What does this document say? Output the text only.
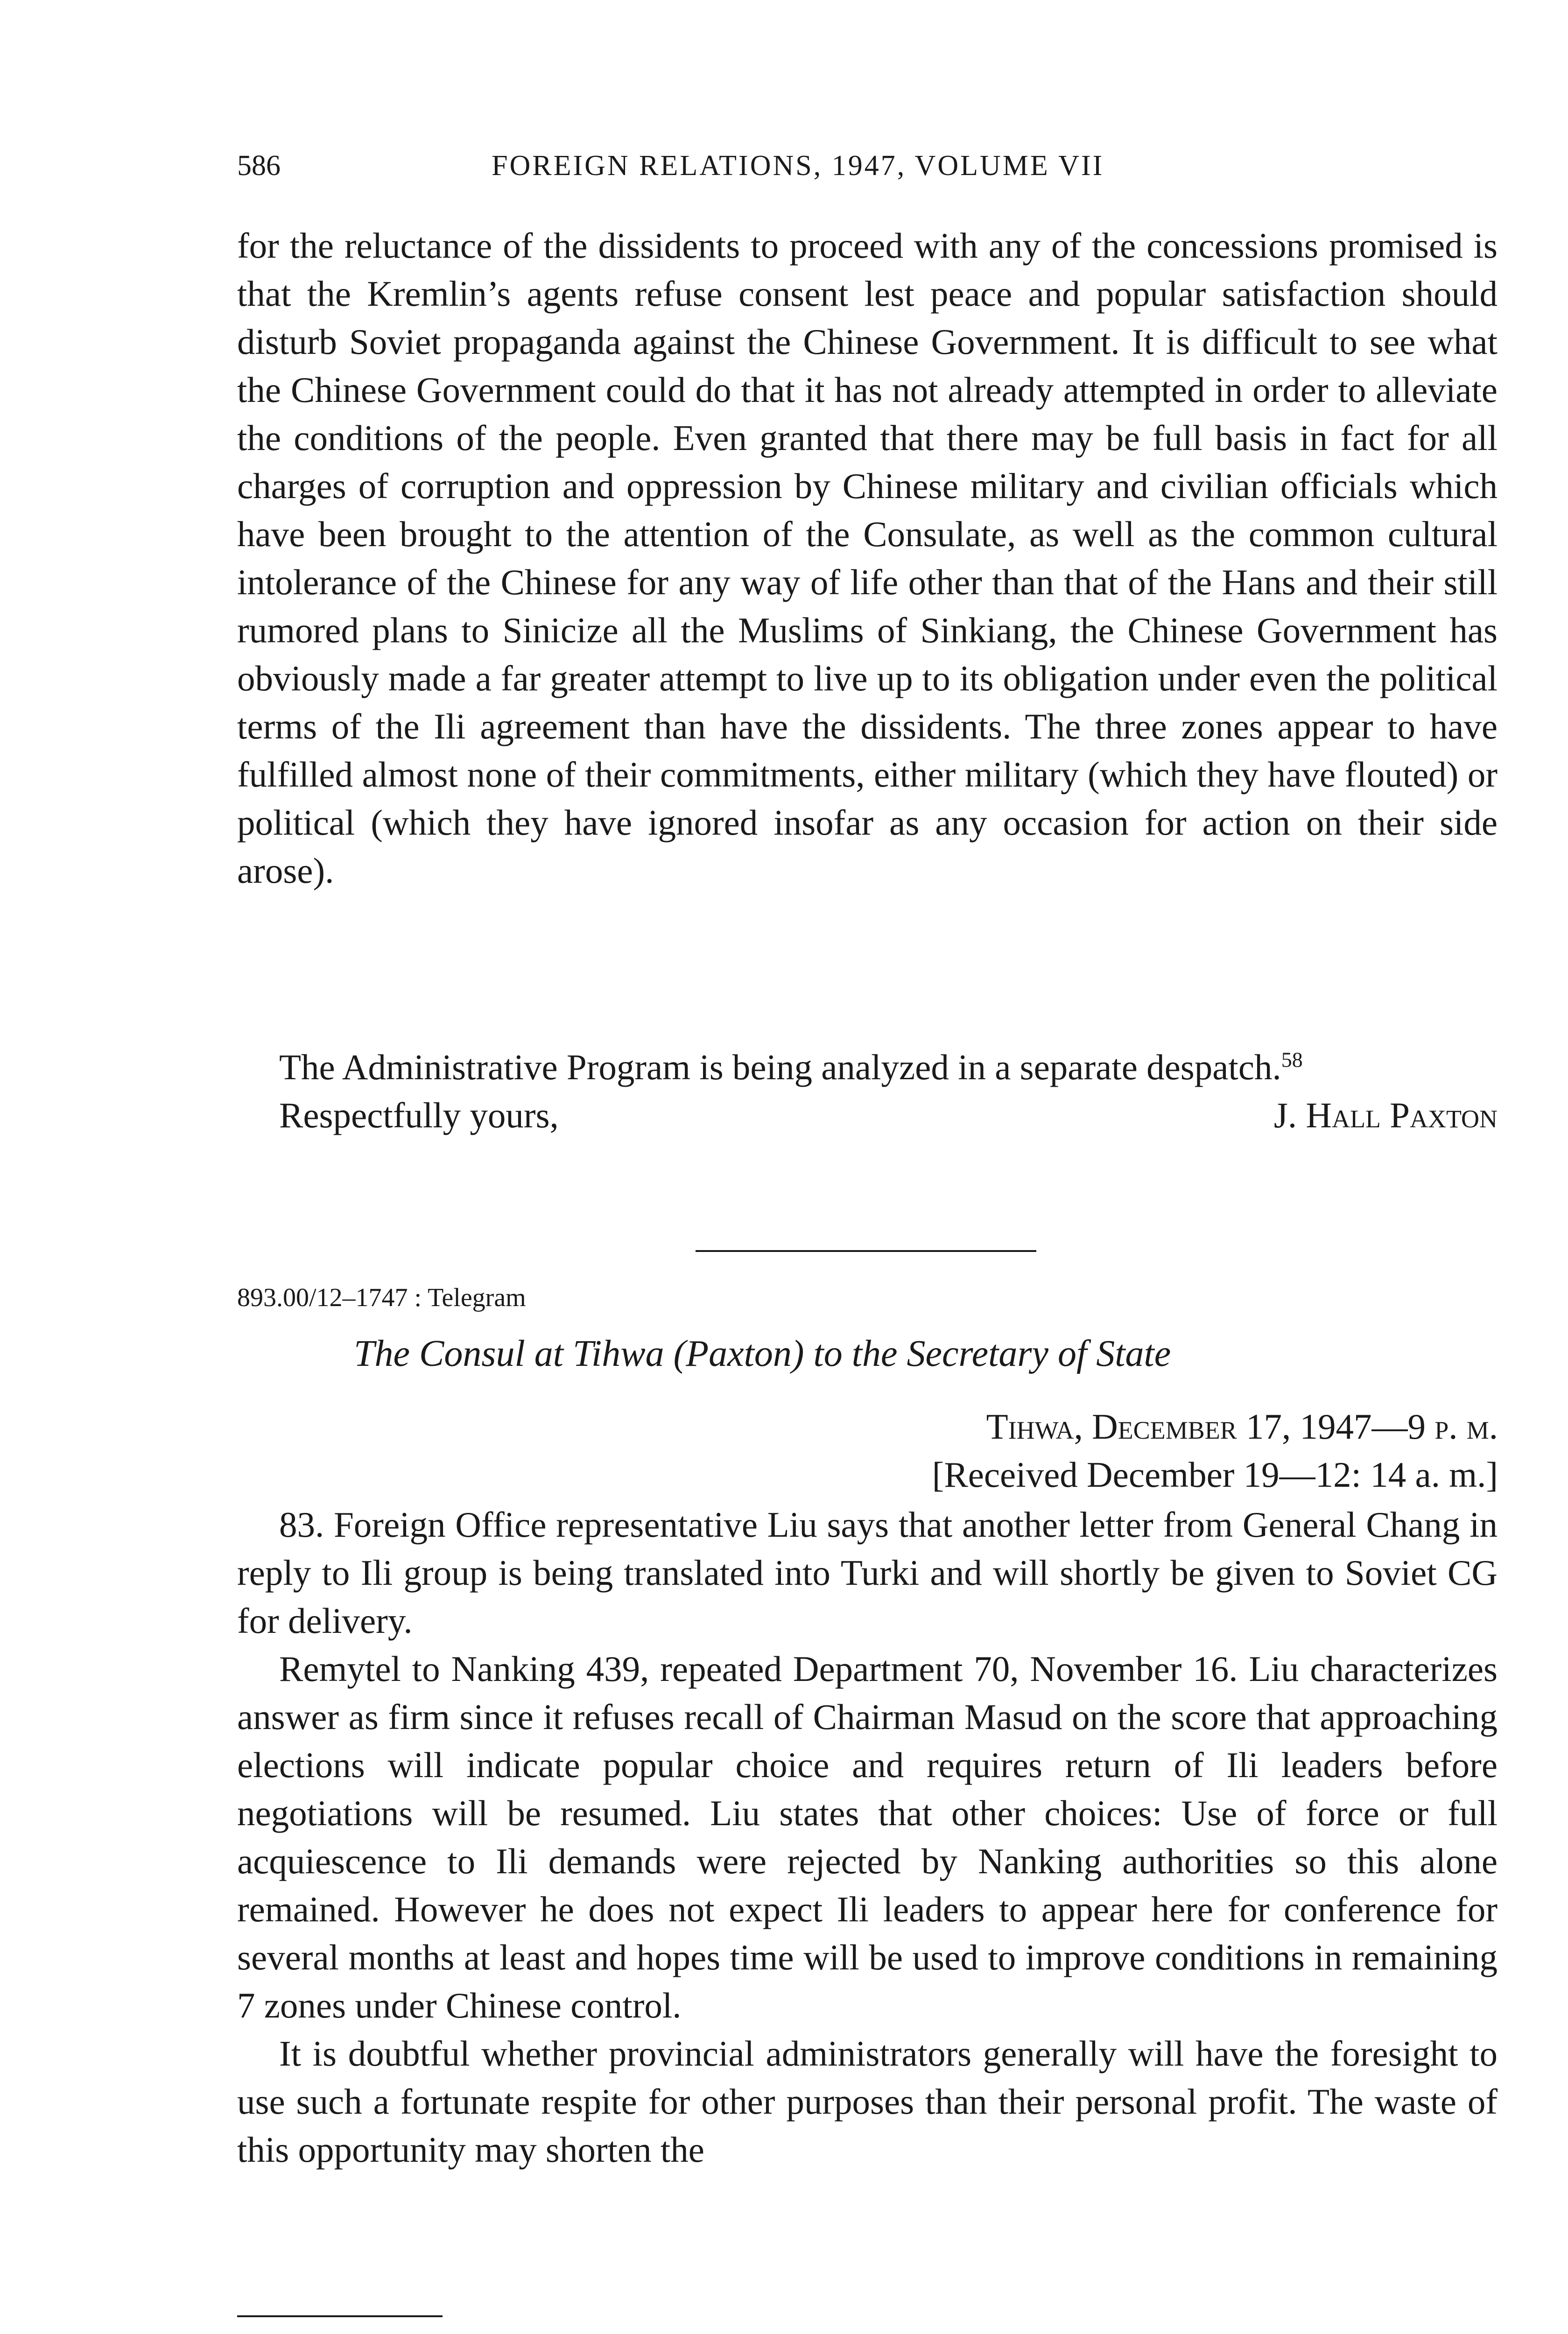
586	FOREIGN RELATIONS, 1947, VOLUME VII

for the reluctance of the dissidents to proceed with any of the concessions promised is that the Kremlin’s agents refuse consent lest peace and popular satisfaction should disturb Soviet propaganda against the Chinese Government. It is difficult to see what the Chinese Government could do that it has not already attempted in order to alleviate the conditions of the people. Even granted that there may be full basis in fact for all charges of corruption and oppression by Chinese military and civilian officials which have been brought to the attention of the Consulate, as well as the common cultural intolerance of the Chinese for any way of life other than that of the Hans and their still rumored plans to Sinicize all the Muslims of Sinkiang, the Chinese Government has obviously made a far greater attempt to live up to its obligation under even the political terms of the Ili agreement than have the dissidents. The three zones appear to have fulfilled almost none of their commitments, either military (which they have flouted) or political (which they have ignored insofar as any occasion for action on their side arose).

The Administrative Program is being analyzed in a separate despatch.$^{58}$

Respectfully yours,	J. Hall Paxton
893.00/12–1747 : Telegram
The Consul at Tihwa (Paxton) to the Secretary of State
Tihwa, December 17, 1947—9 p. m.
[Received December 19—12: 14 a. m.]

83. Foreign Office representative Liu says that another letter from General Chang in reply to Ili group is being translated into Turki and will shortly be given to Soviet CG for delivery.

Remytel to Nanking 439, repeated Department 70, November 16. Liu characterizes answer as firm since it refuses recall of Chairman Masud on the score that approaching elections will indicate popular choice and requires return of Ili leaders before negotiations will be resumed. Liu states that other choices: Use of force or full acquiescence to Ili demands were rejected by Nanking authorities so this alone remained. However he does not expect Ili leaders to appear here for conference for several months at least and hopes time will be used to improve conditions in remaining 7 zones under Chinese control.

It is doubtful whether provincial administrators generally will have the foresight to use such a fortunate respite for other purposes than their personal profit. The waste of this opportunity may shorten the
